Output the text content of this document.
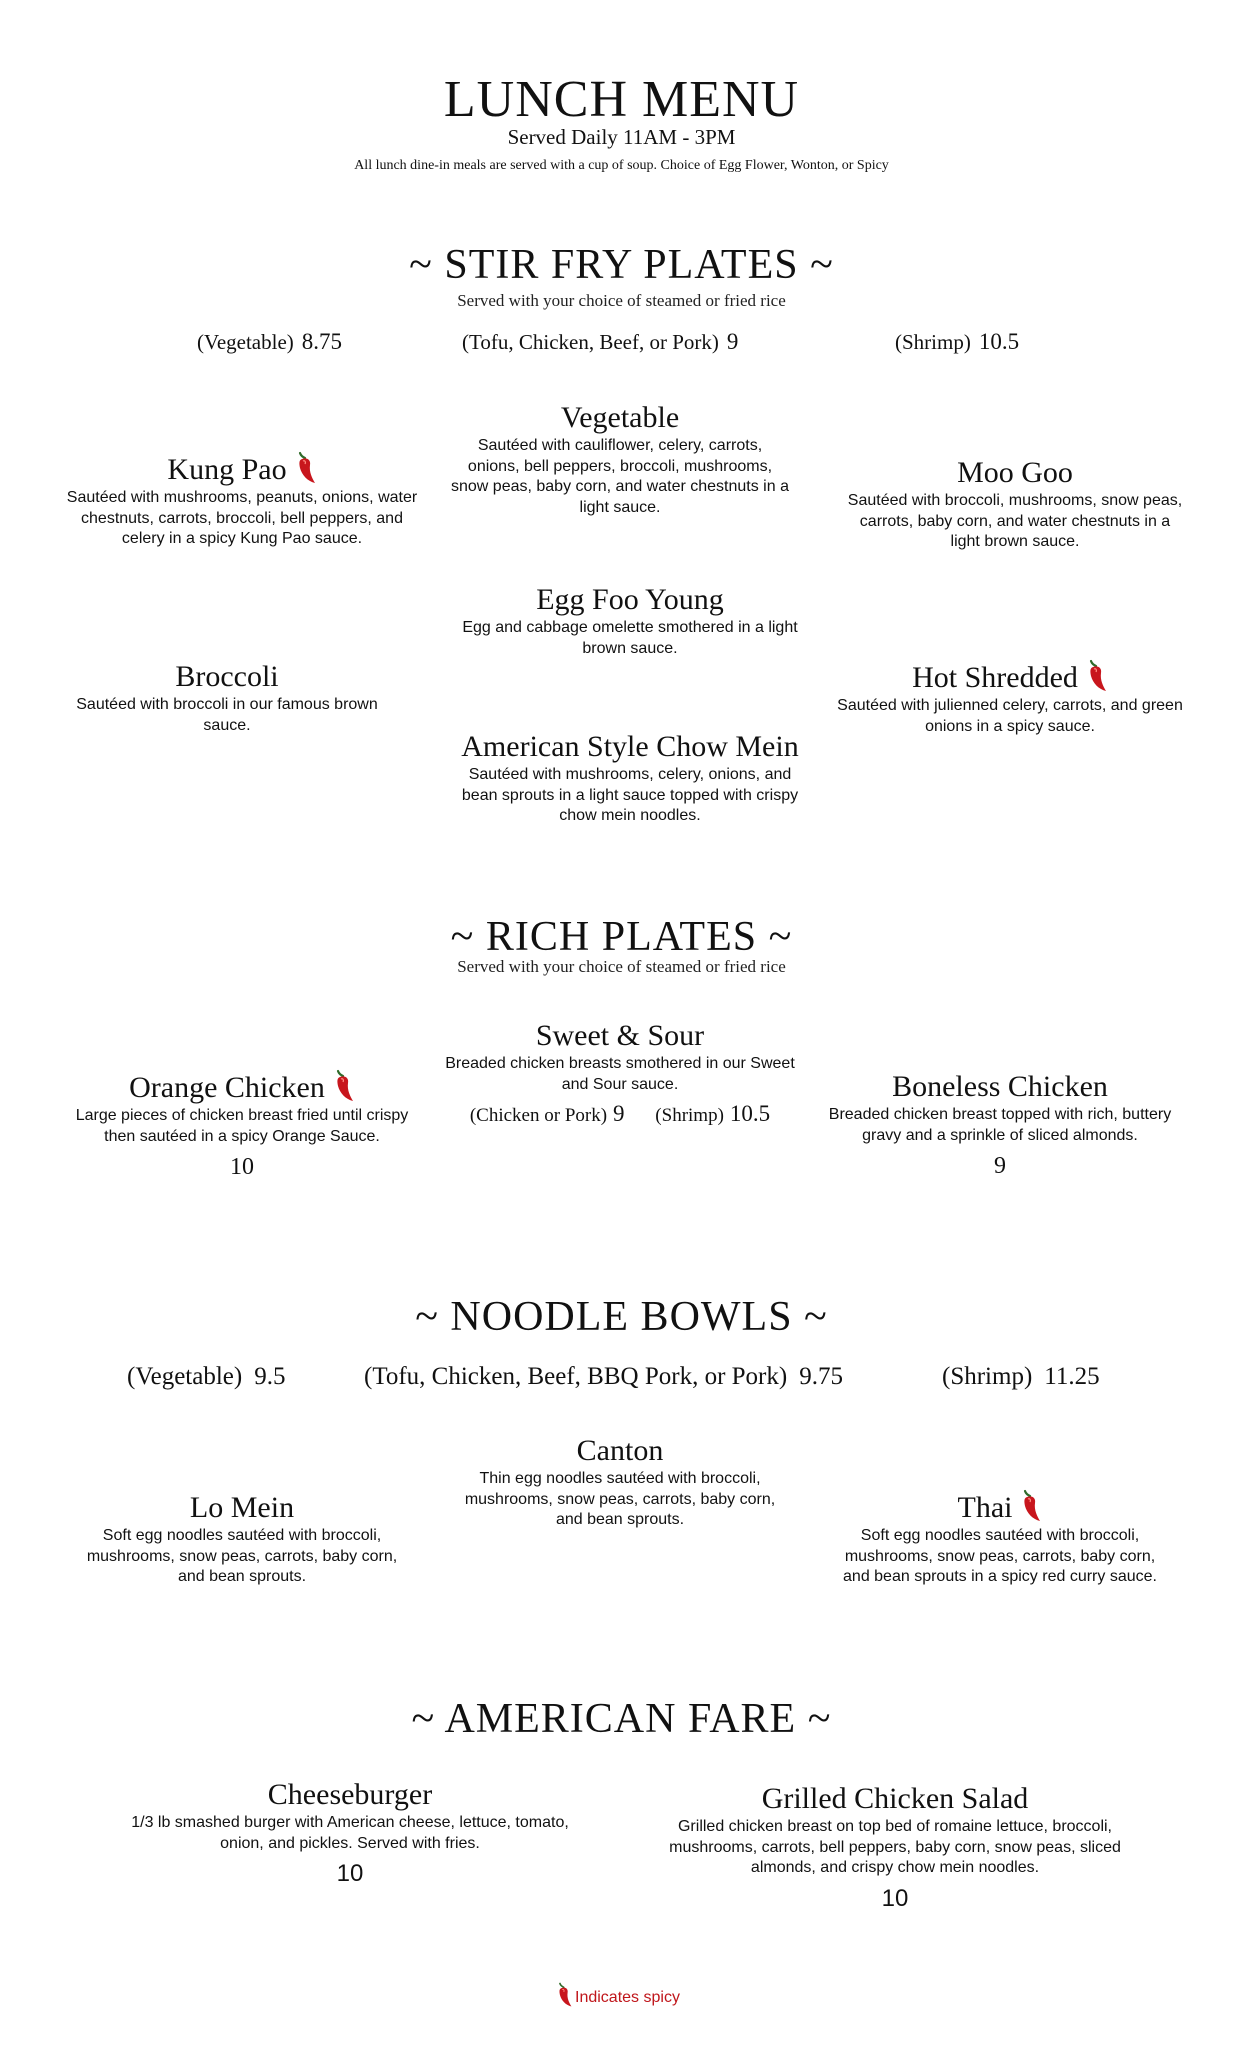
LUNCH MENU
Served Daily 11AM - 3PM
All lunch dine-in meals are served with a cup of soup. Choice of Egg Flower, Wonton, or Spicy
~ STIR FRY PLATES ~
Served with your choice of steamed or fried rice
(Vegetable) 8.75	(Tofu, Chicken, Beef, or Pork) 9	(Shrimp) 10.5
Vegetable
Sautéed with cauliflower, celery, carrots, onions, bell peppers, broccoli, mushrooms, snow peas, baby corn, and water chestnuts in a light sauce.
Kung Pao
Sautéed with mushrooms, peanuts, onions, water chestnuts, carrots, broccoli, bell peppers, and celery in a spicy Kung Pao sauce.
Moo Goo
Sautéed with broccoli, mushrooms, snow peas, carrots, baby corn, and water chestnuts in a light brown sauce.
Egg Foo Young
Egg and cabbage omelette smothered in a light brown sauce.
Broccoli
Sautéed with broccoli in our famous brown sauce.
Hot Shredded
Sautéed with julienned celery, carrots, and green onions in a spicy sauce.
American Style Chow Mein
Sautéed with mushrooms, celery, onions, and bean sprouts in a light sauce topped with crispy chow mein noodles.
~ RICH PLATES ~
Served with your choice of steamed or fried rice
Sweet & Sour
Breaded chicken breasts smothered in our Sweet and Sour sauce.
(Chicken or Pork) 9 (Shrimp) 10.5
Orange Chicken
Large pieces of chicken breast fried until crispy then sautéed in a spicy Orange Sauce.
10
Boneless Chicken
Breaded chicken breast topped with rich, buttery gravy and a sprinkle of sliced almonds.
9
~ NOODLE BOWLS ~
(Vegetable) 9.5	(Tofu, Chicken, Beef, BBQ Pork, or Pork) 9.75	(Shrimp) 11.25
Canton
Thin egg noodles sautéed with broccoli, mushrooms, snow peas, carrots, baby corn, and bean sprouts.
Lo Mein
Soft egg noodles sautéed with broccoli, mushrooms, snow peas, carrots, baby corn, and bean sprouts.
Thai
Soft egg noodles sautéed with broccoli, mushrooms, snow peas, carrots, baby corn, and bean sprouts in a spicy red curry sauce.
~ AMERICAN FARE ~
Cheeseburger
1/3 lb smashed burger with American cheese, lettuce, tomato, onion, and pickles. Served with fries.
10
Grilled Chicken Salad
Grilled chicken breast on top bed of romaine lettuce, broccoli, mushrooms, carrots, bell peppers, baby corn, snow peas, sliced almonds, and crispy chow mein noodles.
10
Indicates spicy
